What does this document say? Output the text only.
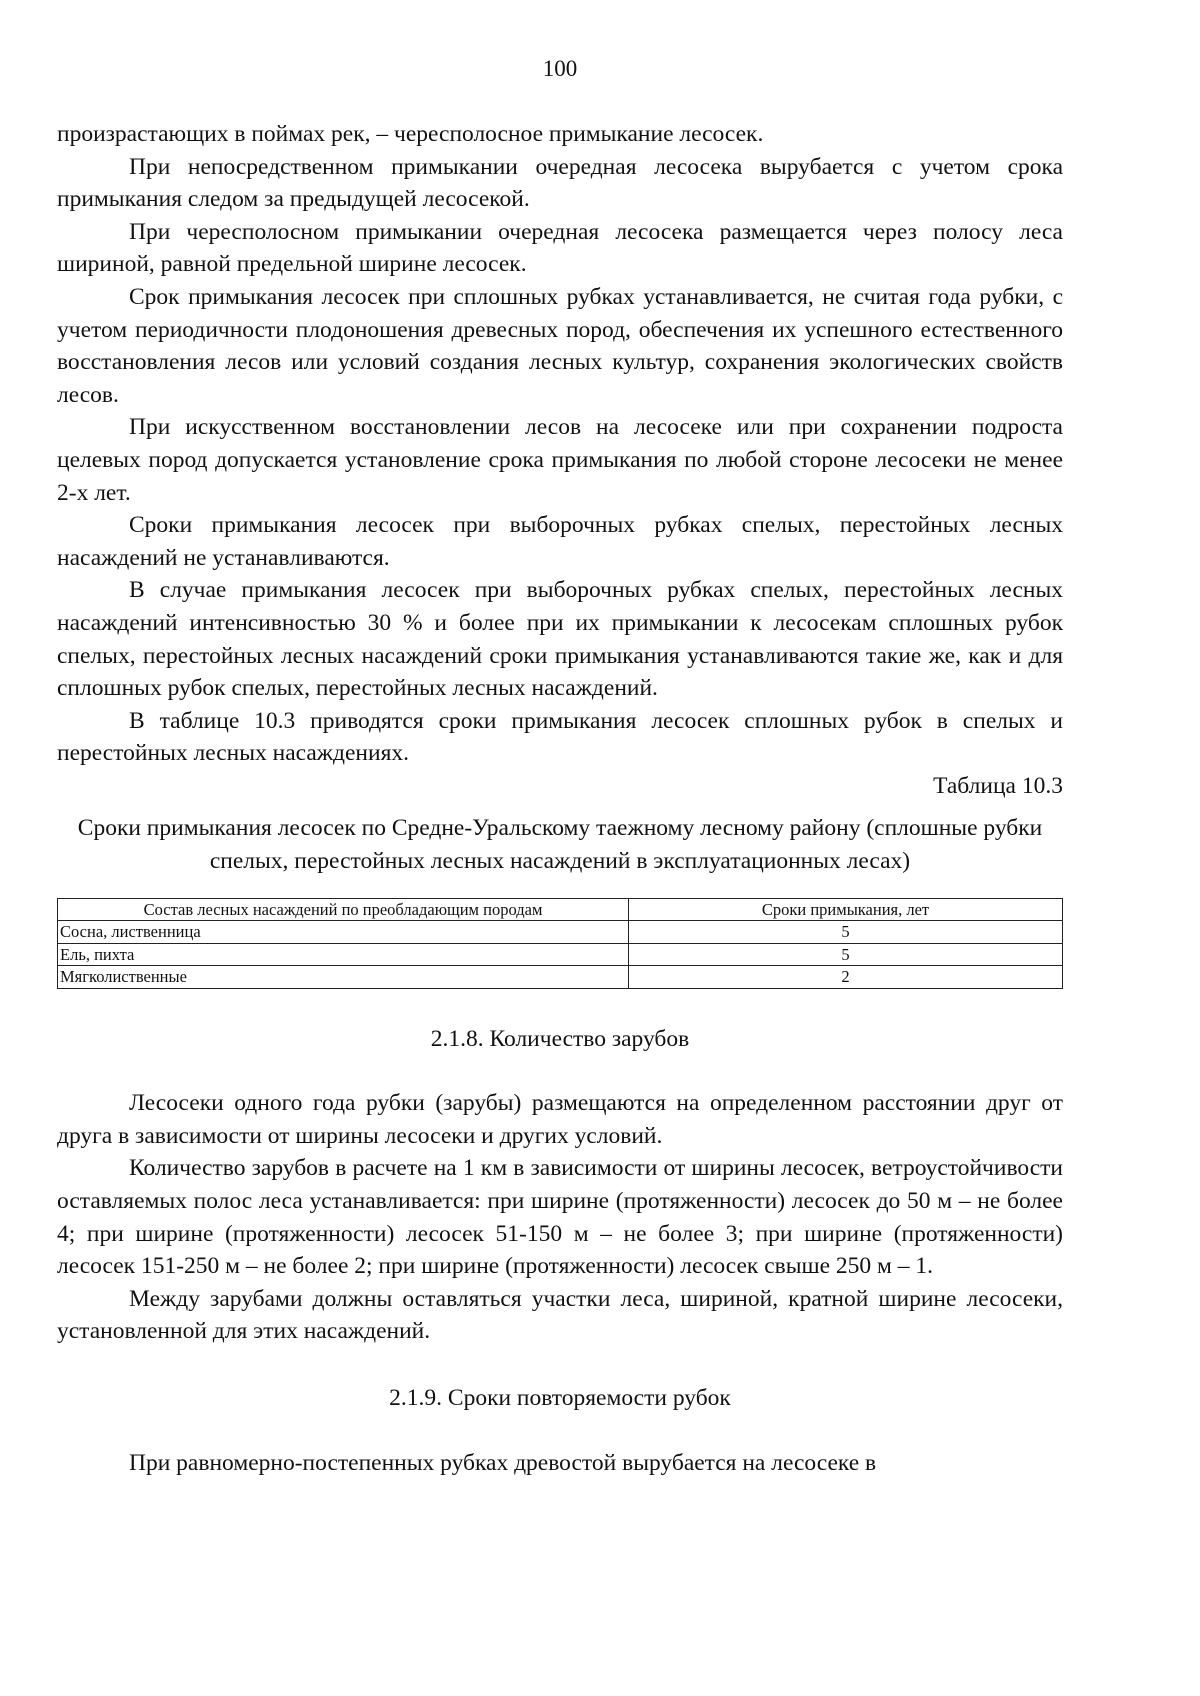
100

произрастающих в поймах рек, – чересполосное примыкание лесосек.

При непосредственном примыкании очередная лесосека вырубается с учетом срока примыкания следом за предыдущей лесосекой.

При чересполосном примыкании очередная лесосека размещается через полосу леса шириной, равной предельной ширине лесосек.

Срок примыкания лесосек при сплошных рубках устанавливается, не считая года рубки, с учетом периодичности плодоношения древесных пород, обеспечения их успешного естественного восстановления лесов или условий создания лесных культур, сохранения экологических свойств лесов.

При искусственном восстановлении лесов на лесосеке или при сохранении подроста целевых пород допускается установление срока примыкания по любой стороне лесосеки не менее 2-х лет.

Сроки примыкания лесосек при выборочных рубках спелых, перестойных лесных насаждений не устанавливаются.

В случае примыкания лесосек при выборочных рубках спелых, перестойных лесных насаждений интенсивностью 30 % и более при их примыкании к лесосекам сплошных рубок спелых, перестойных лесных насаждений сроки примыкания устанавливаются такие же, как и для сплошных рубок спелых, перестойных лесных насаждений.

В таблице 10.3 приводятся сроки примыкания лесосек сплошных рубок в спелых и перестойных лесных насаждениях.

Таблица 10.3

Сроки примыкания лесосек по Средне-Уральскому таежному лесному району (сплошные рубки спелых, перестойных лесных насаждений в эксплуатационных лесах)

Состав лесных насаждений по преобладающим породам	Сроки примыкания, лет
Сосна, лиственница	5
Ель, пихта	5
Мягколиственные	2

2.1.8. Количество зарубов

Лесосеки одного года рубки (зарубы) размещаются на определенном расстоянии друг от друга в зависимости от ширины лесосеки и других условий.

Количество зарубов в расчете на 1 км в зависимости от ширины лесосек, ветроустойчивости оставляемых полос леса устанавливается: при ширине (протяженности) лесосек до 50 м – не более 4; при ширине (протяженности) лесосек 51-150 м – не более 3; при ширине (протяженности) лесосек 151-250 м – не более 2; при ширине (протяженности) лесосек свыше 250 м – 1.

Между зарубами должны оставляться участки леса, шириной, кратной ширине лесосеки, установленной для этих насаждений.

2.1.9. Сроки повторяемости рубок

При равномерно-постепенных рубках древостой вырубается на лесосеке в
